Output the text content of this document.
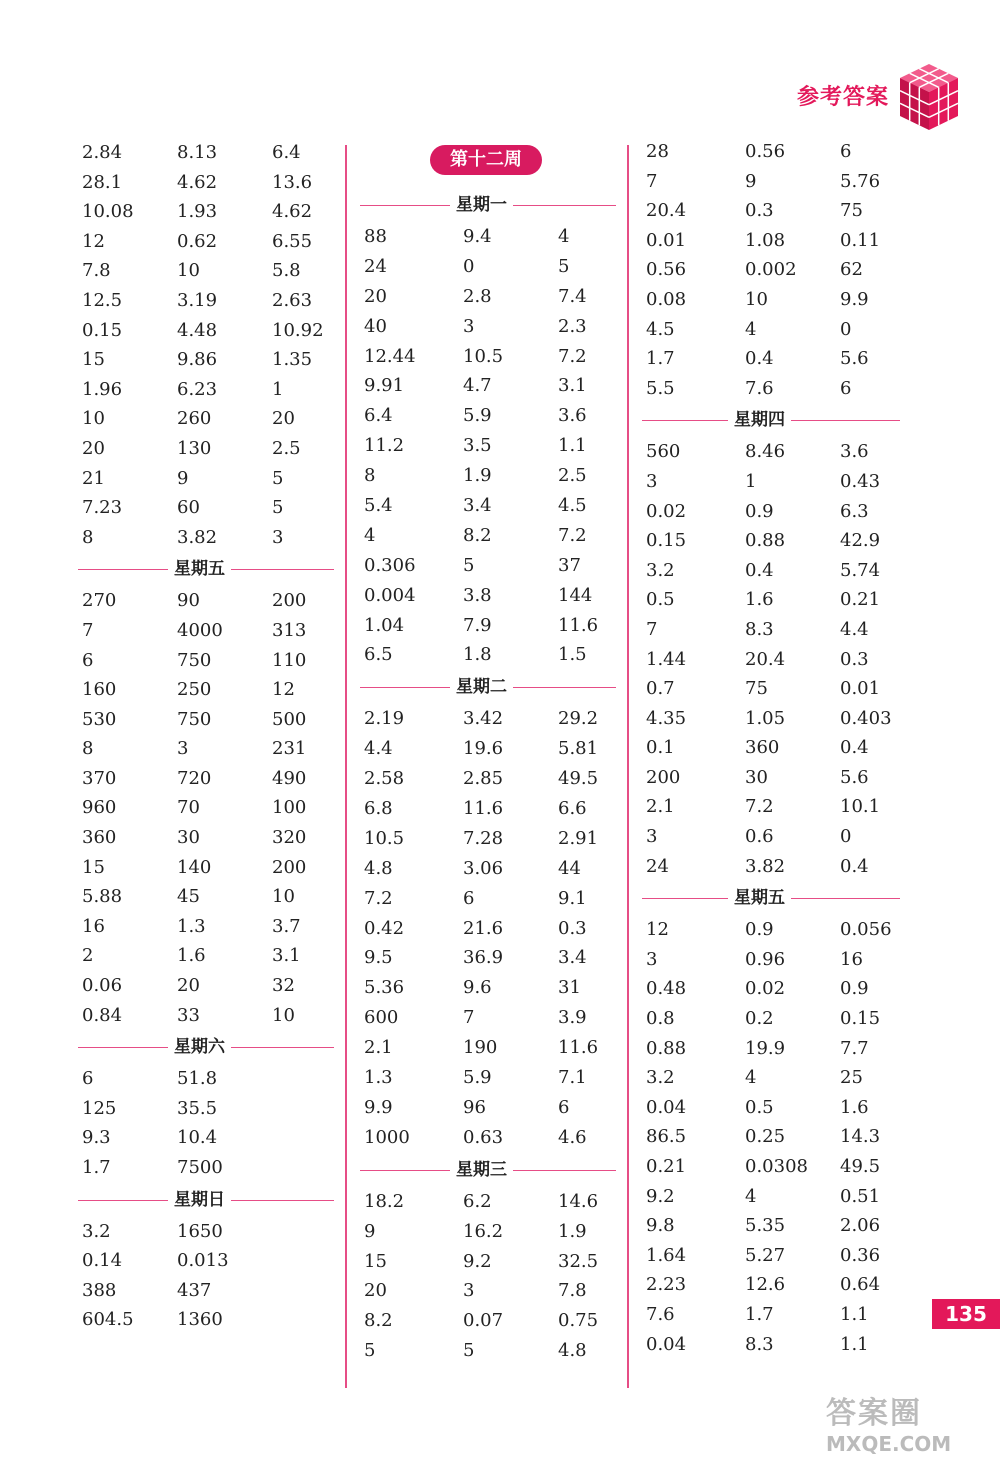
参考答案
第十二周
2.84	8.13	6.4
28.1	4.62	13.6
10.08 1.93	4.62
12	0.62	6.55
7.8	10	5.8
12.5	3.19	2.63
0.15	4.48	10.92
15	9.86	1.35
1.96	6.23	1
10	260	20
20	130	2.5
21	9	5
7.23	60	5
8	3.82	3
星期五
270	90	200
7	4000	313
6	750	110
160	250	12
530	750	500
8	3	231
370	720	490
960	70	100
360	30	320
15	140	200
5.88	45	10
16	1.3	3.7
2	1.6	3.1
0.06	20	32
0.84	33	10
星期六
6	51.8
125	35.5
9.3	10.4
1.7	7500
星期日
3.2	1650
0.14	0.013
388	437
604.5 1360
星期一
88	9.4	4
24	0	5
20	2.8	7.4
40	3	2.3
12.44	10.5	7.2
9.91	4.7	3.1
6.4	5.9	3.6
11.2	3.5	1.1
8	1.9	2.5
5.4	3.4	4.5
4	8.2	7.2
0.306	5	37
0.004	3.8	144
1.04	7.9	11.6
6.5	1.8	1.5
星期二
2.19	3.42	29.2
4.4	19.6	5.81
2.58	2.85	49.5
6.8	11.6	6.6
10.5	7.28	2.91
4.8	3.06	44
7.2	6	9.1
0.42	21.6	0.3
9.5	36.9	3.4
5.36	9.6	31
600	7	3.9
2.1	190	11.6
1.3	5.9	7.1
9.9	96	6
1000	0.63	4.6
星期三
18.2	6.2	14.6
9	16.2	1.9
15	9.2	32.5
20	3	7.8
8.2	0.07	0.75
5	5	4.8
28	0.56	6
7	9	5.76
20.4	0.3	75
0.01	1.08	0.11
0.56	0.002 62
0.08	10	9.9
4.5	4	0
1.7	0.4	5.6
5.5	7.6	6
星期四
560	8.46	3.6
3	1	0.43
0.02	0.9	6.3
0.15	0.88	42.9
3.2	0.4	5.74
0.5	1.6	0.21
7	8.3	4.4
1.44	20.4	0.3
0.7	75	0.01
4.35	1.05	0.403
0.1	360	0.4
200	30	5.6
2.1	7.2	10.1
3	0.6	0
24	3.82	0.4
星期五
12	0.9	0.056
3	0.96	16
0.48	0.02	0.9
0.8	0.2	0.15
0.88	19.9	7.7
3.2	4	25
0.04	0.5	1.6
86.5	0.25	14.3
0.21	0.0308 49.5
9.2	4	0.51
9.8	5.35	2.06
1.64	5.27	0.36
2.23	12.6	0.64
7.6	1.7	1.1
0.04	8.3	1.1
135
答案圈
MXQE.COM
